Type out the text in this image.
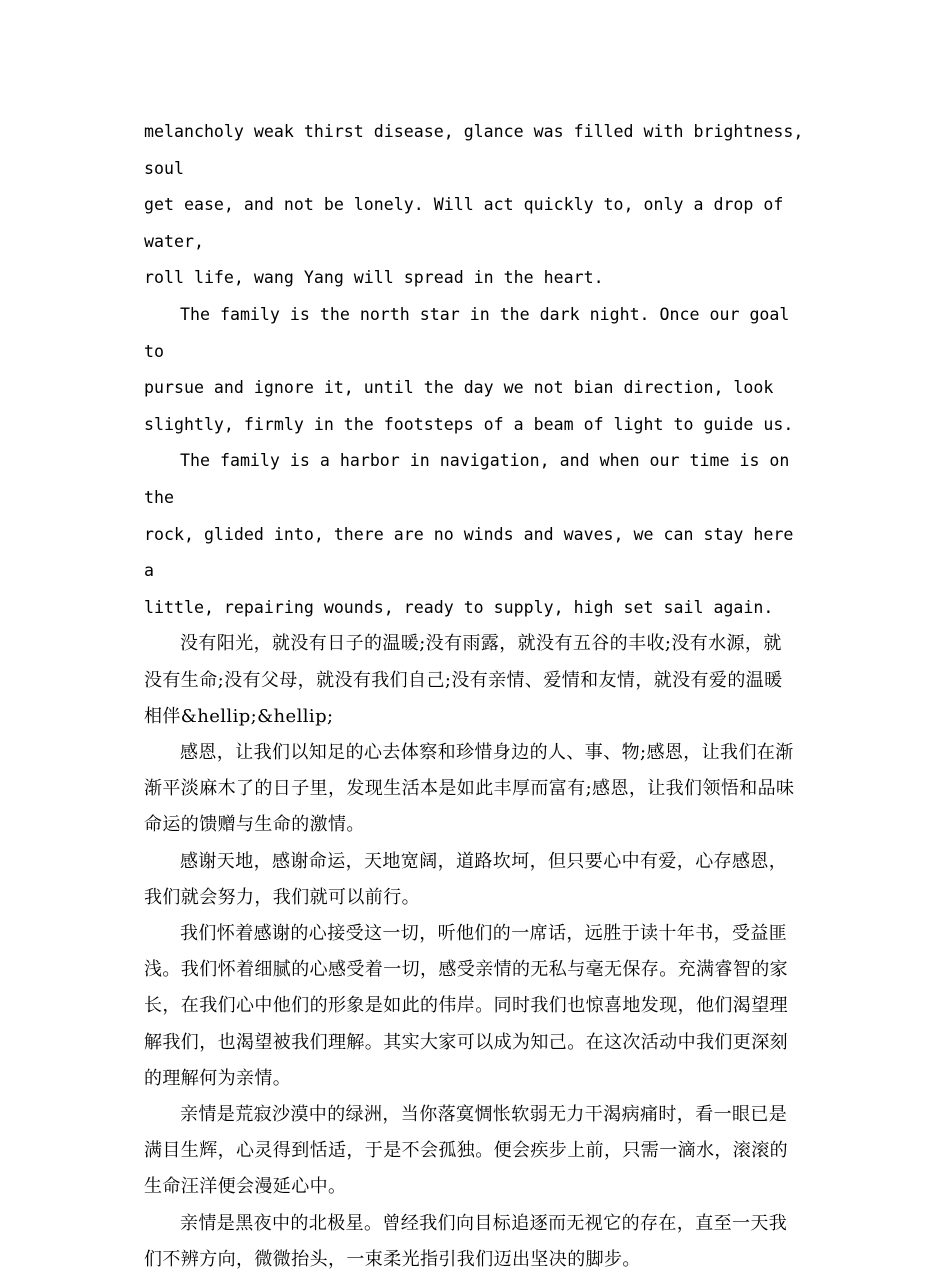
melancholy weak thirst disease, glance was filled with brightness, soul
get ease, and not be lonely. Will act quickly to, only a drop of water,
roll life, wang Yang will spread in the heart.

The family is the north star in the dark night. Once our goal to
pursue and ignore it, until the day we not bian direction, look
slightly, firmly in the footsteps of a beam of light to guide us.

The family is a harbor in navigation, and when our time is on the
rock, glided into, there are no winds and waves, we can stay here a
little, repairing wounds, ready to supply, high set sail again.

没有阳光，就没有日子的温暖;没有雨露，就没有五谷的丰收;没有水源，就
没有生命;没有父母，就没有我们自己;没有亲情、爱情和友情，就没有爱的温暖
相伴&hellip;&hellip;

感恩，让我们以知足的心去体察和珍惜身边的人、事、物;感恩，让我们在渐
渐平淡麻木了的日子里，发现生活本是如此丰厚而富有;感恩，让我们领悟和品味
命运的馈赠与生命的激情。

感谢天地，感谢命运，天地宽阔，道路坎坷，但只要心中有爱，心存感恩，
我们就会努力，我们就可以前行。

我们怀着感谢的心接受这一切，听他们的一席话，远胜于读十年书，受益匪
浅。我们怀着细腻的心感受着一切，感受亲情的无私与毫无保存。充满睿智的家
长，在我们心中他们的形象是如此的伟岸。同时我们也惊喜地发现，他们渴望理
解我们，也渴望被我们理解。其实大家可以成为知己。在这次活动中我们更深刻
的理解何为亲情。

亲情是荒寂沙漠中的绿洲，当你落寞惆怅软弱无力干渴病痛时，看一眼已是
满目生辉，心灵得到恬适，于是不会孤独。便会疾步上前，只需一滴水，滚滚的
生命汪洋便会漫延心中。

亲情是黑夜中的北极星。曾经我们向目标追逐而无视它的存在，直至一天我
们不辨方向，微微抬头，一束柔光指引我们迈出坚决的脚步。
